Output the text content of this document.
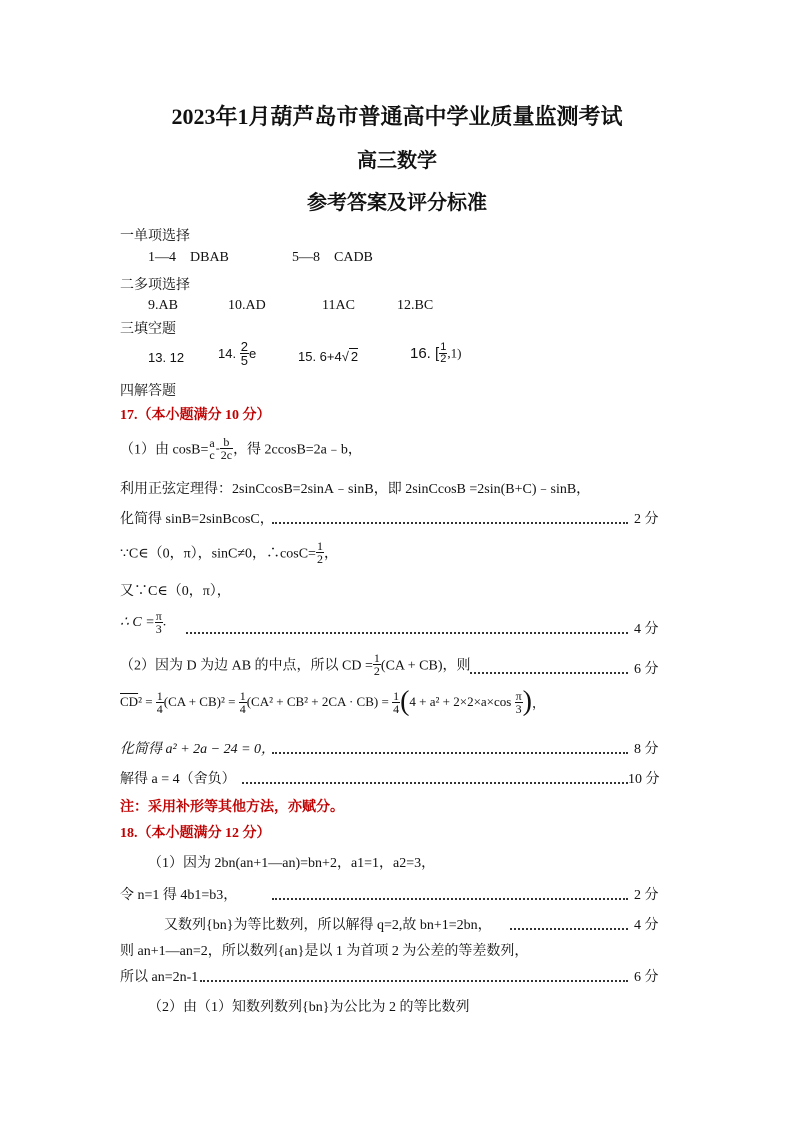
2023年1月葫芦岛市普通高中学业质量监测考试
高三数学
参考答案及评分标准
一单项选择
1—4 DBAB	5—8 CADB
二多项选择
9.AB	10.AD	11AC	12.BC
三填空题
13. 12	14. $\frac{2}{5}$ e	15. 6+4√ 2	16. [ $\frac{1}{2} ,1$)
四解答题
17.（本小题满分 10 分）
（1）由 cosB= a
c - $\frac{b}{2c}$ ，得 2ccosB=2a﹣b，
利用正弦定理得：2sinCcosB=2sinA﹣sinB，即 2sinCcosB =2sin(B+C)﹣sinB，
化简得 sinB=2sinBcosC，	2 分
∵C∈（0，π），sinC≠0，∴cosC= $\frac{1}{2}$ ，
又∵C∈（0，π），
∴ $C = \frac{\pi}{3}$ .	4 分
（2）因为 D 为边 AB 的中点，所以 CD = $\frac{1}{2} (CA + CB)$，则	6 分
$\overline{CD}^2 = \frac{1}{4} (CA + CB)^2 = \frac{1}{4} (CA^2 + CB^2 + 2CA \cdot CB) = \frac{1}{4} (4 + a^2 + 2\times 2\times a\times\cos \frac{\pi}{3}$ )，
化简得 a² + 2a − 24 = 0，	8 分
解得 a = 4（舍负）	10 分
注：采用补形等其他方法，亦赋分。
18.（本小题满分 12 分）
（1）因为 2bn(an+1—an)=bn+2，a1=1，a2=3，
令 n=1 得 4b1=b3，	2 分
又数列{bn}为等比数列，所以解得 q=2,故 bn+1=2bn，	4 分
则 an+1—an=2，所以数列{an}是以 1 为首项 2 为公差的等差数列，
所以 an=2n-1	6 分
（2）由（1）知数列数列{bn}为公比为 2 的等比数列
